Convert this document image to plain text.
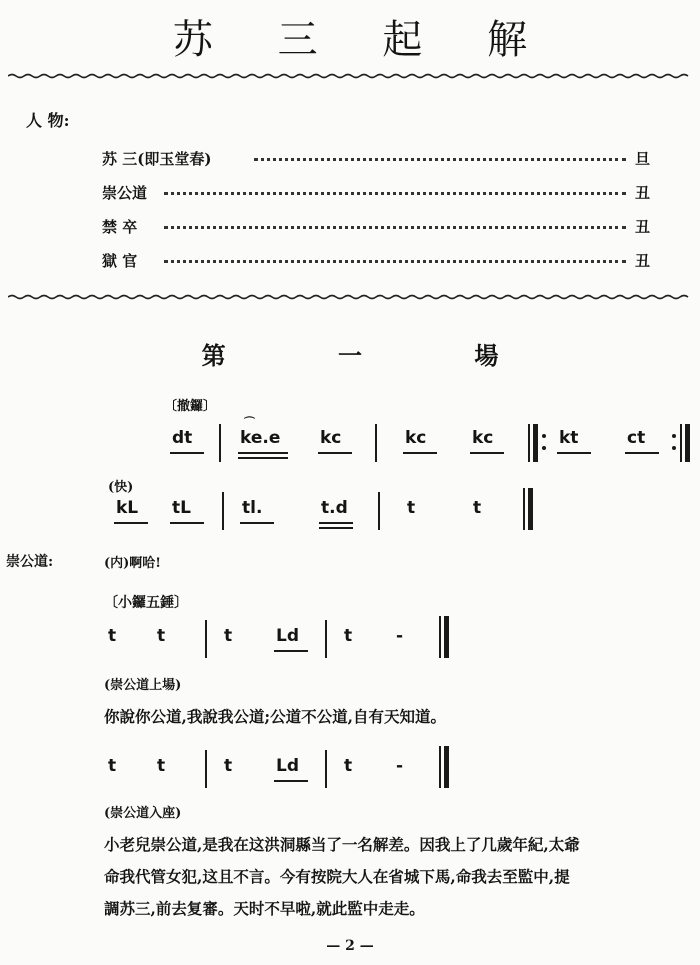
苏 三 起 解
人 物:
苏 三(即玉堂春)	旦
崇公道	丑
禁 卒	丑
獄 官	丑
第 一 場
〔撤鑼〕
dt
⌒
ke.e kc	kc	kc	kt	ct
(快)
kL tL	tl.	t.d	t	t
崇公道:	(内)啊哈!
〔小鑼五錘〕
t t	t	Ld	t	-
(崇公道上場)
你說你公道,我說我公道;公道不公道,自有天知道。
t t	t	Ld	t	-
(崇公道入座)
小老兒崇公道,是我在这洪洞縣当了一名解差。因我上了几歲年紀,太爺
命我代管女犯,这且不言。今有按院大人在省城下馬,命我去至監中,提
調苏三,前去复審。天时不早啦,就此監中走走。
— 2 —
